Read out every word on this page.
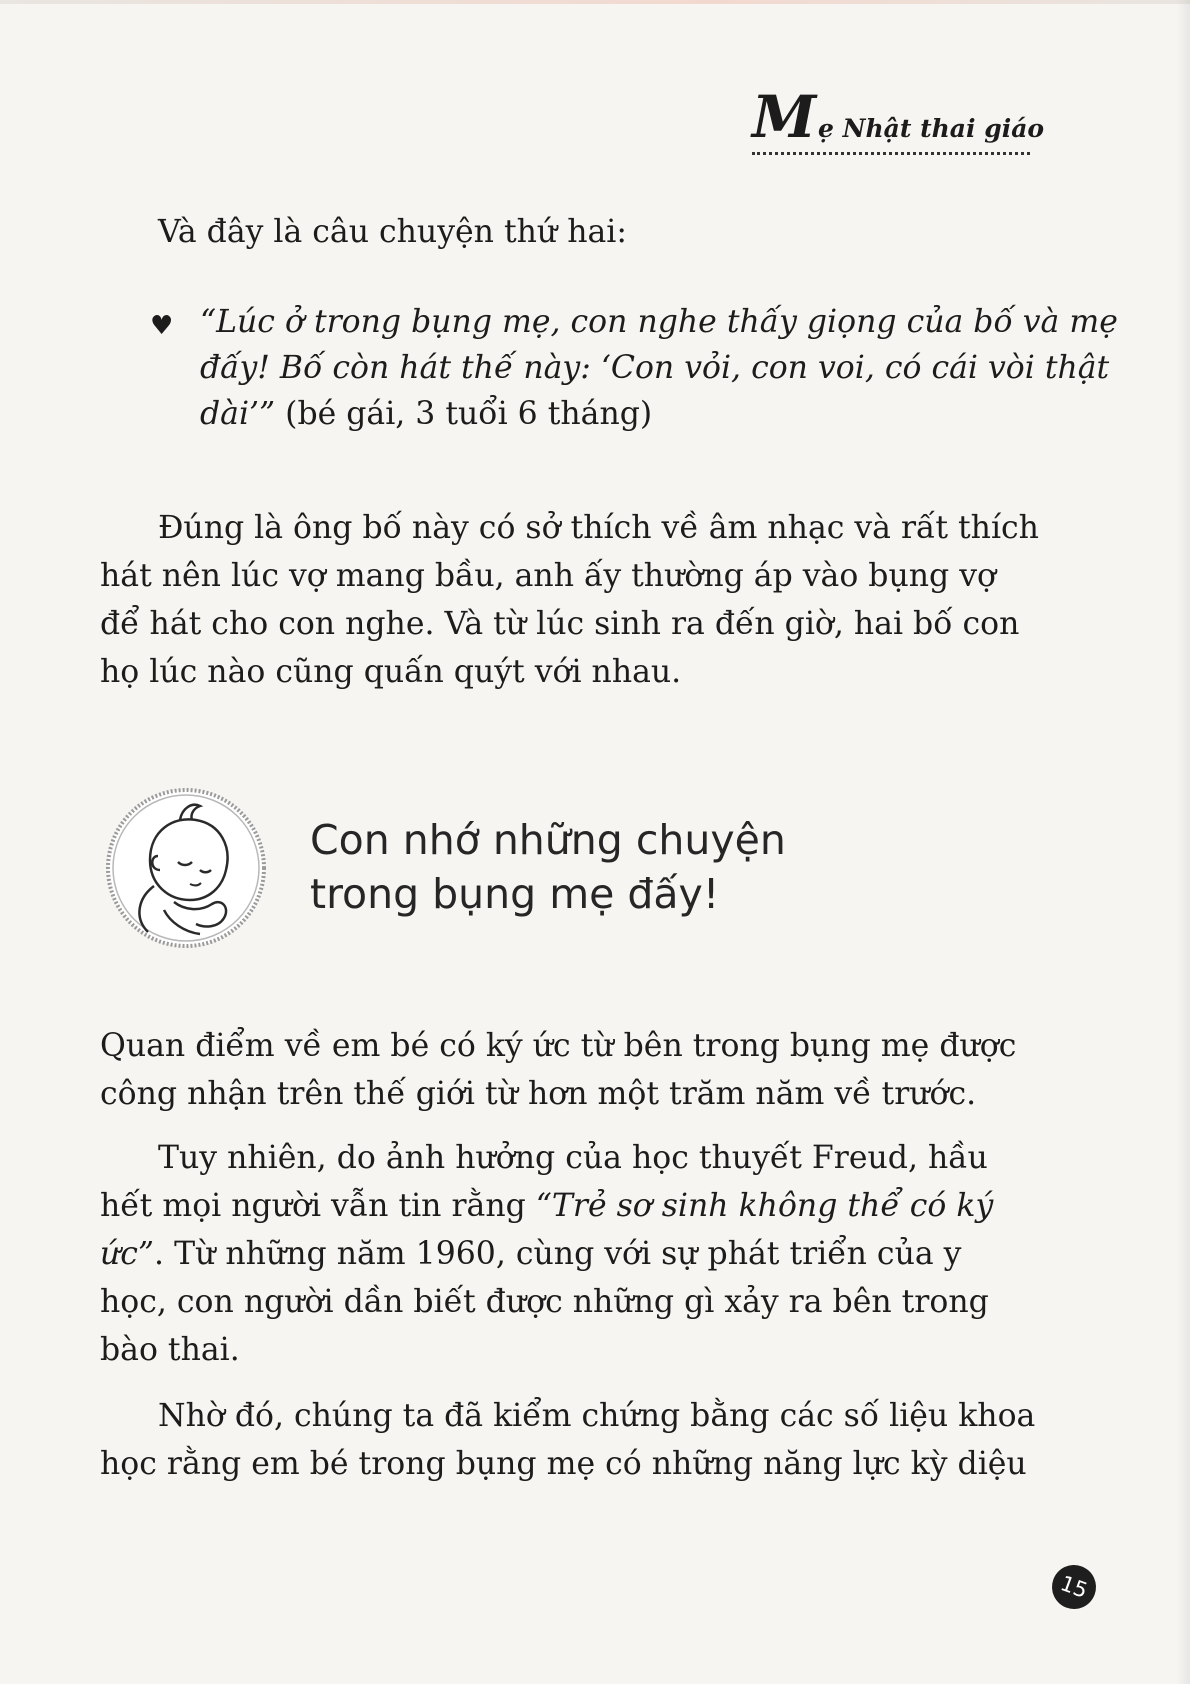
M ẹ Nhật thai giáo
Và đây là câu chuyện thứ hai:
♥ “Lúc ở trong bụng mẹ, con nghe thấy giọng của bố và mẹ
đấy! Bố còn hát thế này: ‘Con vỏi, con voi, có cái vòi thật
dài’” (bé gái, 3 tuổi 6 tháng)
Đúng là ông bố này có sở thích về âm nhạc và rất thích
hát nên lúc vợ mang bầu, anh ấy thường áp vào bụng vợ
để hát cho con nghe. Và từ lúc sinh ra đến giờ, hai bố con
họ lúc nào cũng quấn quýt với nhau.
Con nhớ những chuyện
trong bụng mẹ đấy!
Quan điểm về em bé có ký ức từ bên trong bụng mẹ được
công nhận trên thế giới từ hơn một trăm năm về trước.
Tuy nhiên, do ảnh hưởng của học thuyết Freud, hầu
hết mọi người vẫn tin rằng “Trẻ sơ sinh không thể có ký
ức”. Từ những năm 1960, cùng với sự phát triển của y
học, con người dần biết được những gì xảy ra bên trong
bào thai.
Nhờ đó, chúng ta đã kiểm chứng bằng các số liệu khoa
học rằng em bé trong bụng mẹ có những năng lực kỳ diệu
15
